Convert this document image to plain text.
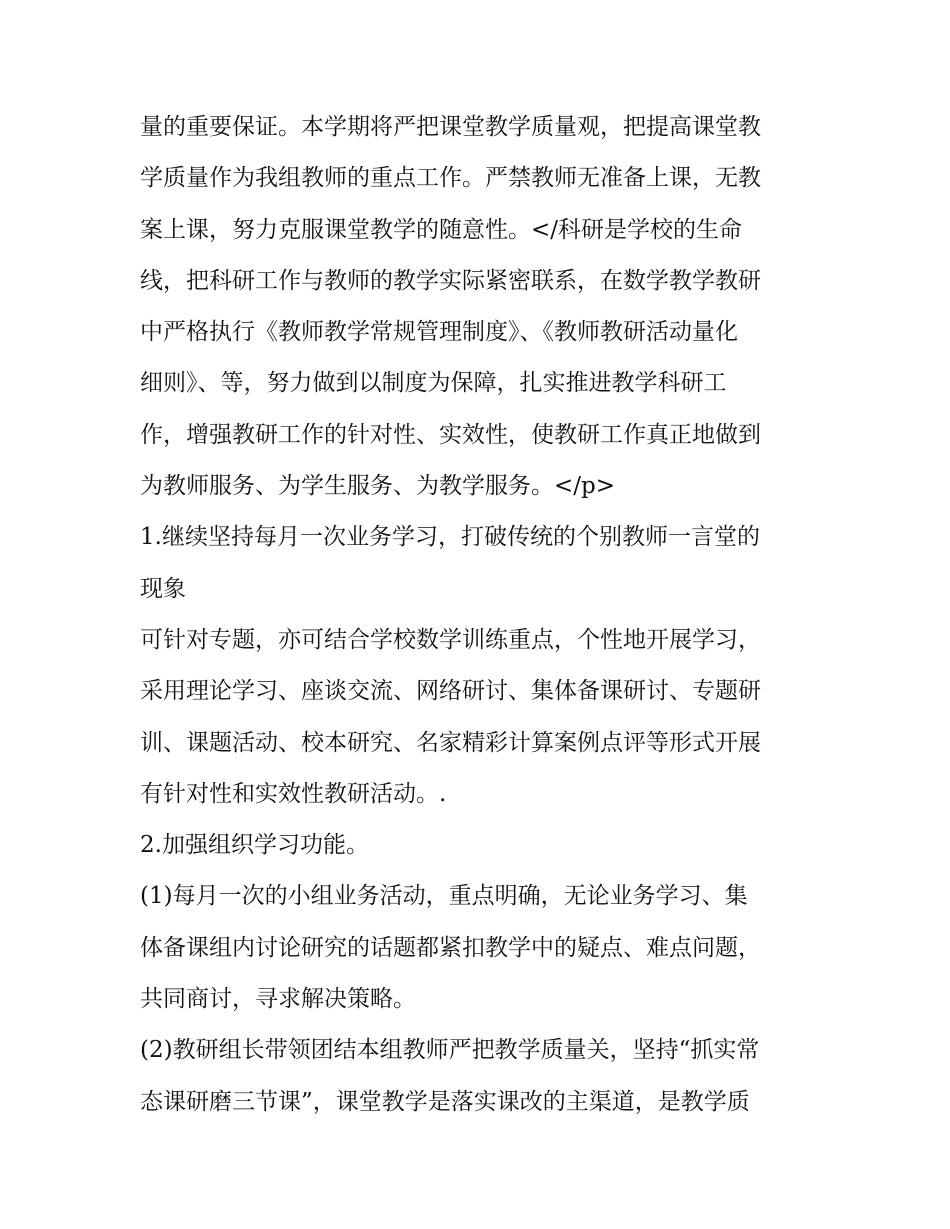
量的重要保证。本学期将严把课堂教学质量观，把提高课堂教
学质量作为我组教师的重点工作。严禁教师无准备上课，无教
案上课，努力克服课堂教学的随意性。</科研是学校的生命
线，把科研工作与教师的教学实际紧密联系，在数学教学教研
中严格执行《教师教学常规管理制度》、《教师教研活动量化
细则》、等，努力做到以制度为保障，扎实推进教学科研工
作，增强教研工作的针对性、实效性，使教研工作真正地做到
为教师服务、为学生服务、为教学服务。</p>
1.继续坚持每月一次业务学习，打破传统的个别教师一言堂的
现象
可针对专题，亦可结合学校数学训练重点，个性地开展学习，
采用理论学习、座谈交流、网络研讨、集体备课研讨、专题研
训、课题活动、校本研究、名家精彩计算案例点评等形式开展
有针对性和实效性教研活动。.
2.加强组织学习功能。
(1)每月一次的小组业务活动，重点明确，无论业务学习、集
体备课组内讨论研究的话题都紧扣教学中的疑点、难点问题，
共同商讨，寻求解决策略。
(2)教研组长带领团结本组教师严把教学质量关，坚持“抓实常
态课研磨三节课”，课堂教学是落实课改的主渠道，是教学质
